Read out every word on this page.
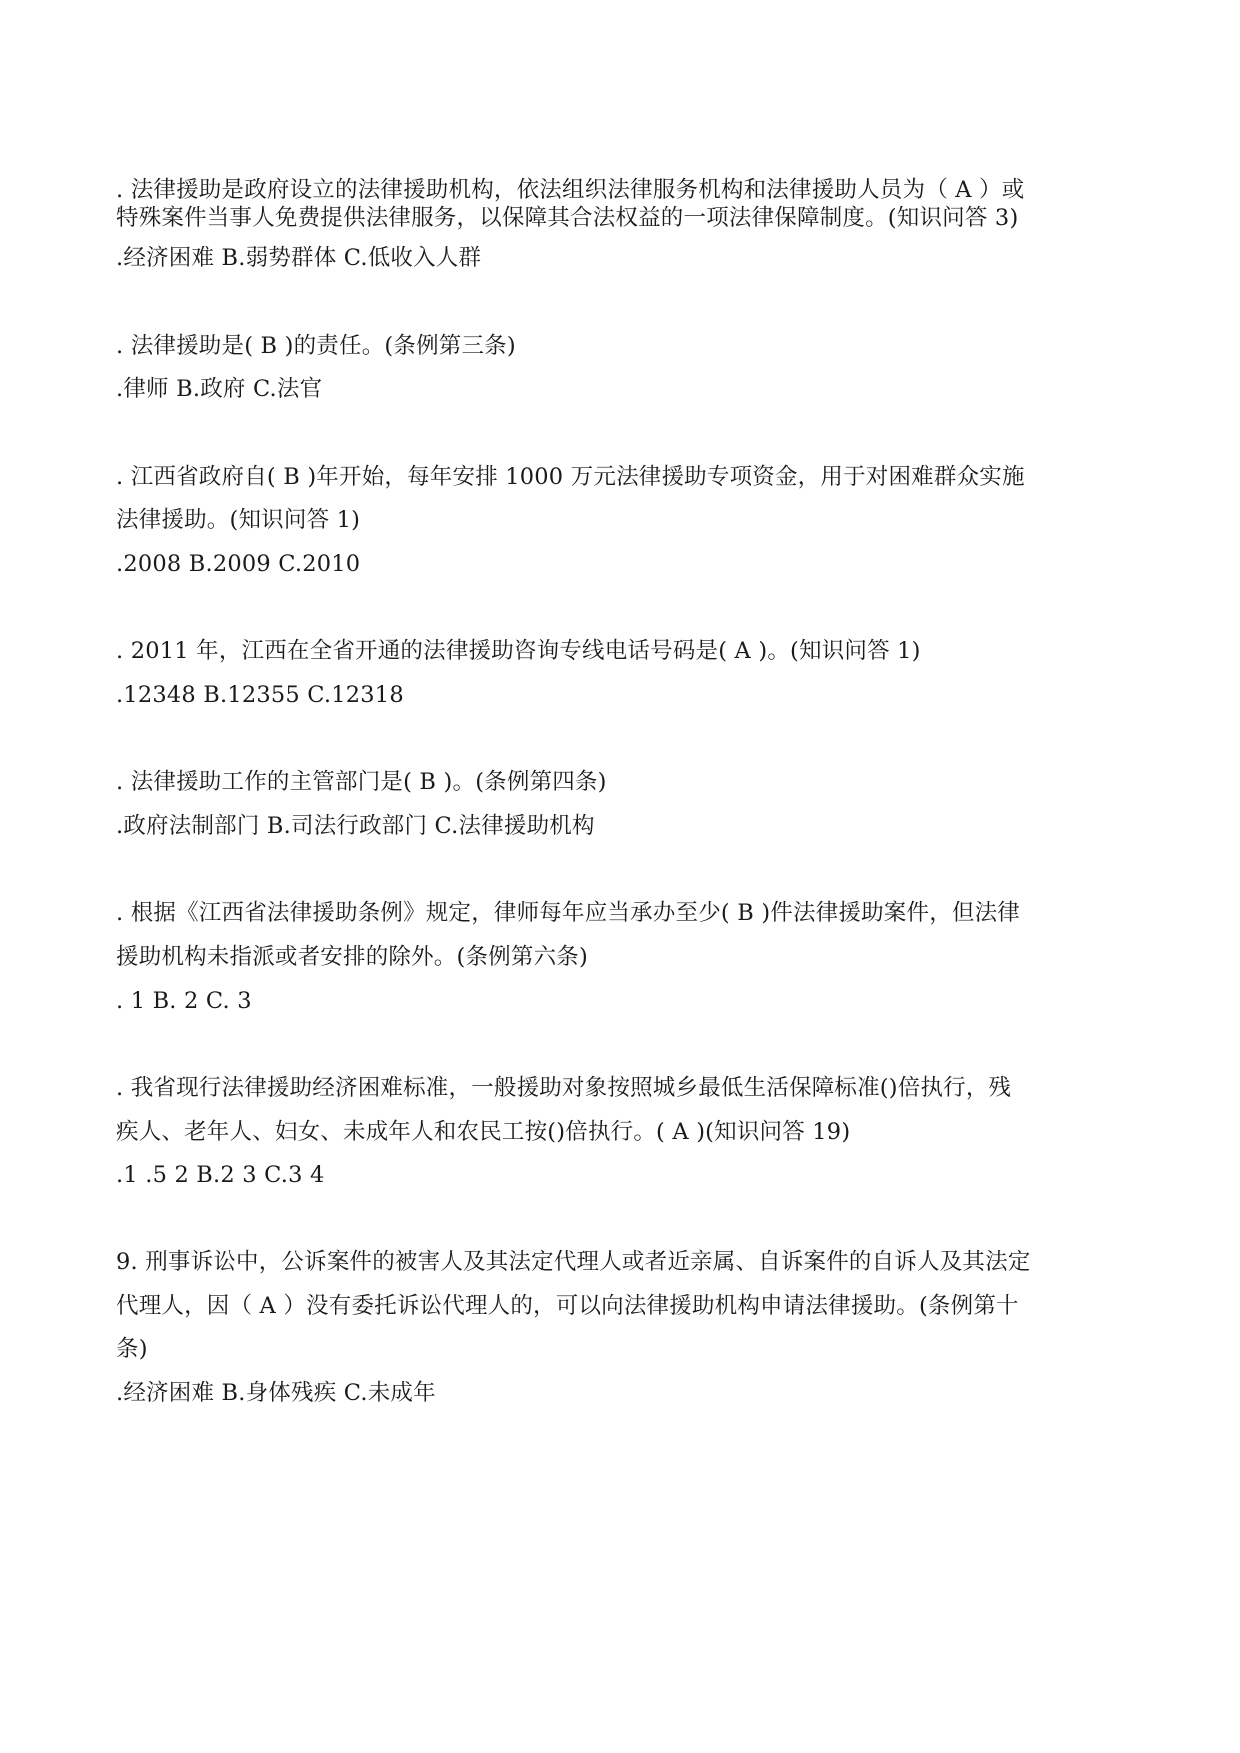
. 法律援助是政府设立的法律援助机构，依法组织法律服务机构和法律援助人员为（ A ）或
特殊案件当事人免费提供法律服务，以保障其合法权益的一项法律保障制度。(知识问答 3)
.经济困难 B.弱势群体 C.低收入人群
. 法律援助是( B )的责任。(条例第三条)
.律师 B.政府 C.法官
. 江西省政府自( B )年开始，每年安排 1000 万元法律援助专项资金，用于对困难群众实施
法律援助。(知识问答 1)
.2008 B.2009 C.2010
. 2011 年，江西在全省开通的法律援助咨询专线电话号码是( A )。(知识问答 1)
.12348 B.12355 C.12318
. 法律援助工作的主管部门是( B )。(条例第四条)
.政府法制部门 B.司法行政部门 C.法律援助机构
. 根据《江西省法律援助条例》规定，律师每年应当承办至少( B )件法律援助案件，但法律
援助机构未指派或者安排的除外。(条例第六条)
. 1 B. 2 C. 3
. 我省现行法律援助经济困难标准，一般援助对象按照城乡最低生活保障标准()倍执行，残
疾人、老年人、妇女、未成年人和农民工按()倍执行。( A )(知识问答 19)
.1 .5 2 B.2 3 C.3 4
9. 刑事诉讼中，公诉案件的被害人及其法定代理人或者近亲属、自诉案件的自诉人及其法定
代理人，因（ A ）没有委托诉讼代理人的，可以向法律援助机构申请法律援助。(条例第十
条)
.经济困难 B.身体残疾 C.未成年
